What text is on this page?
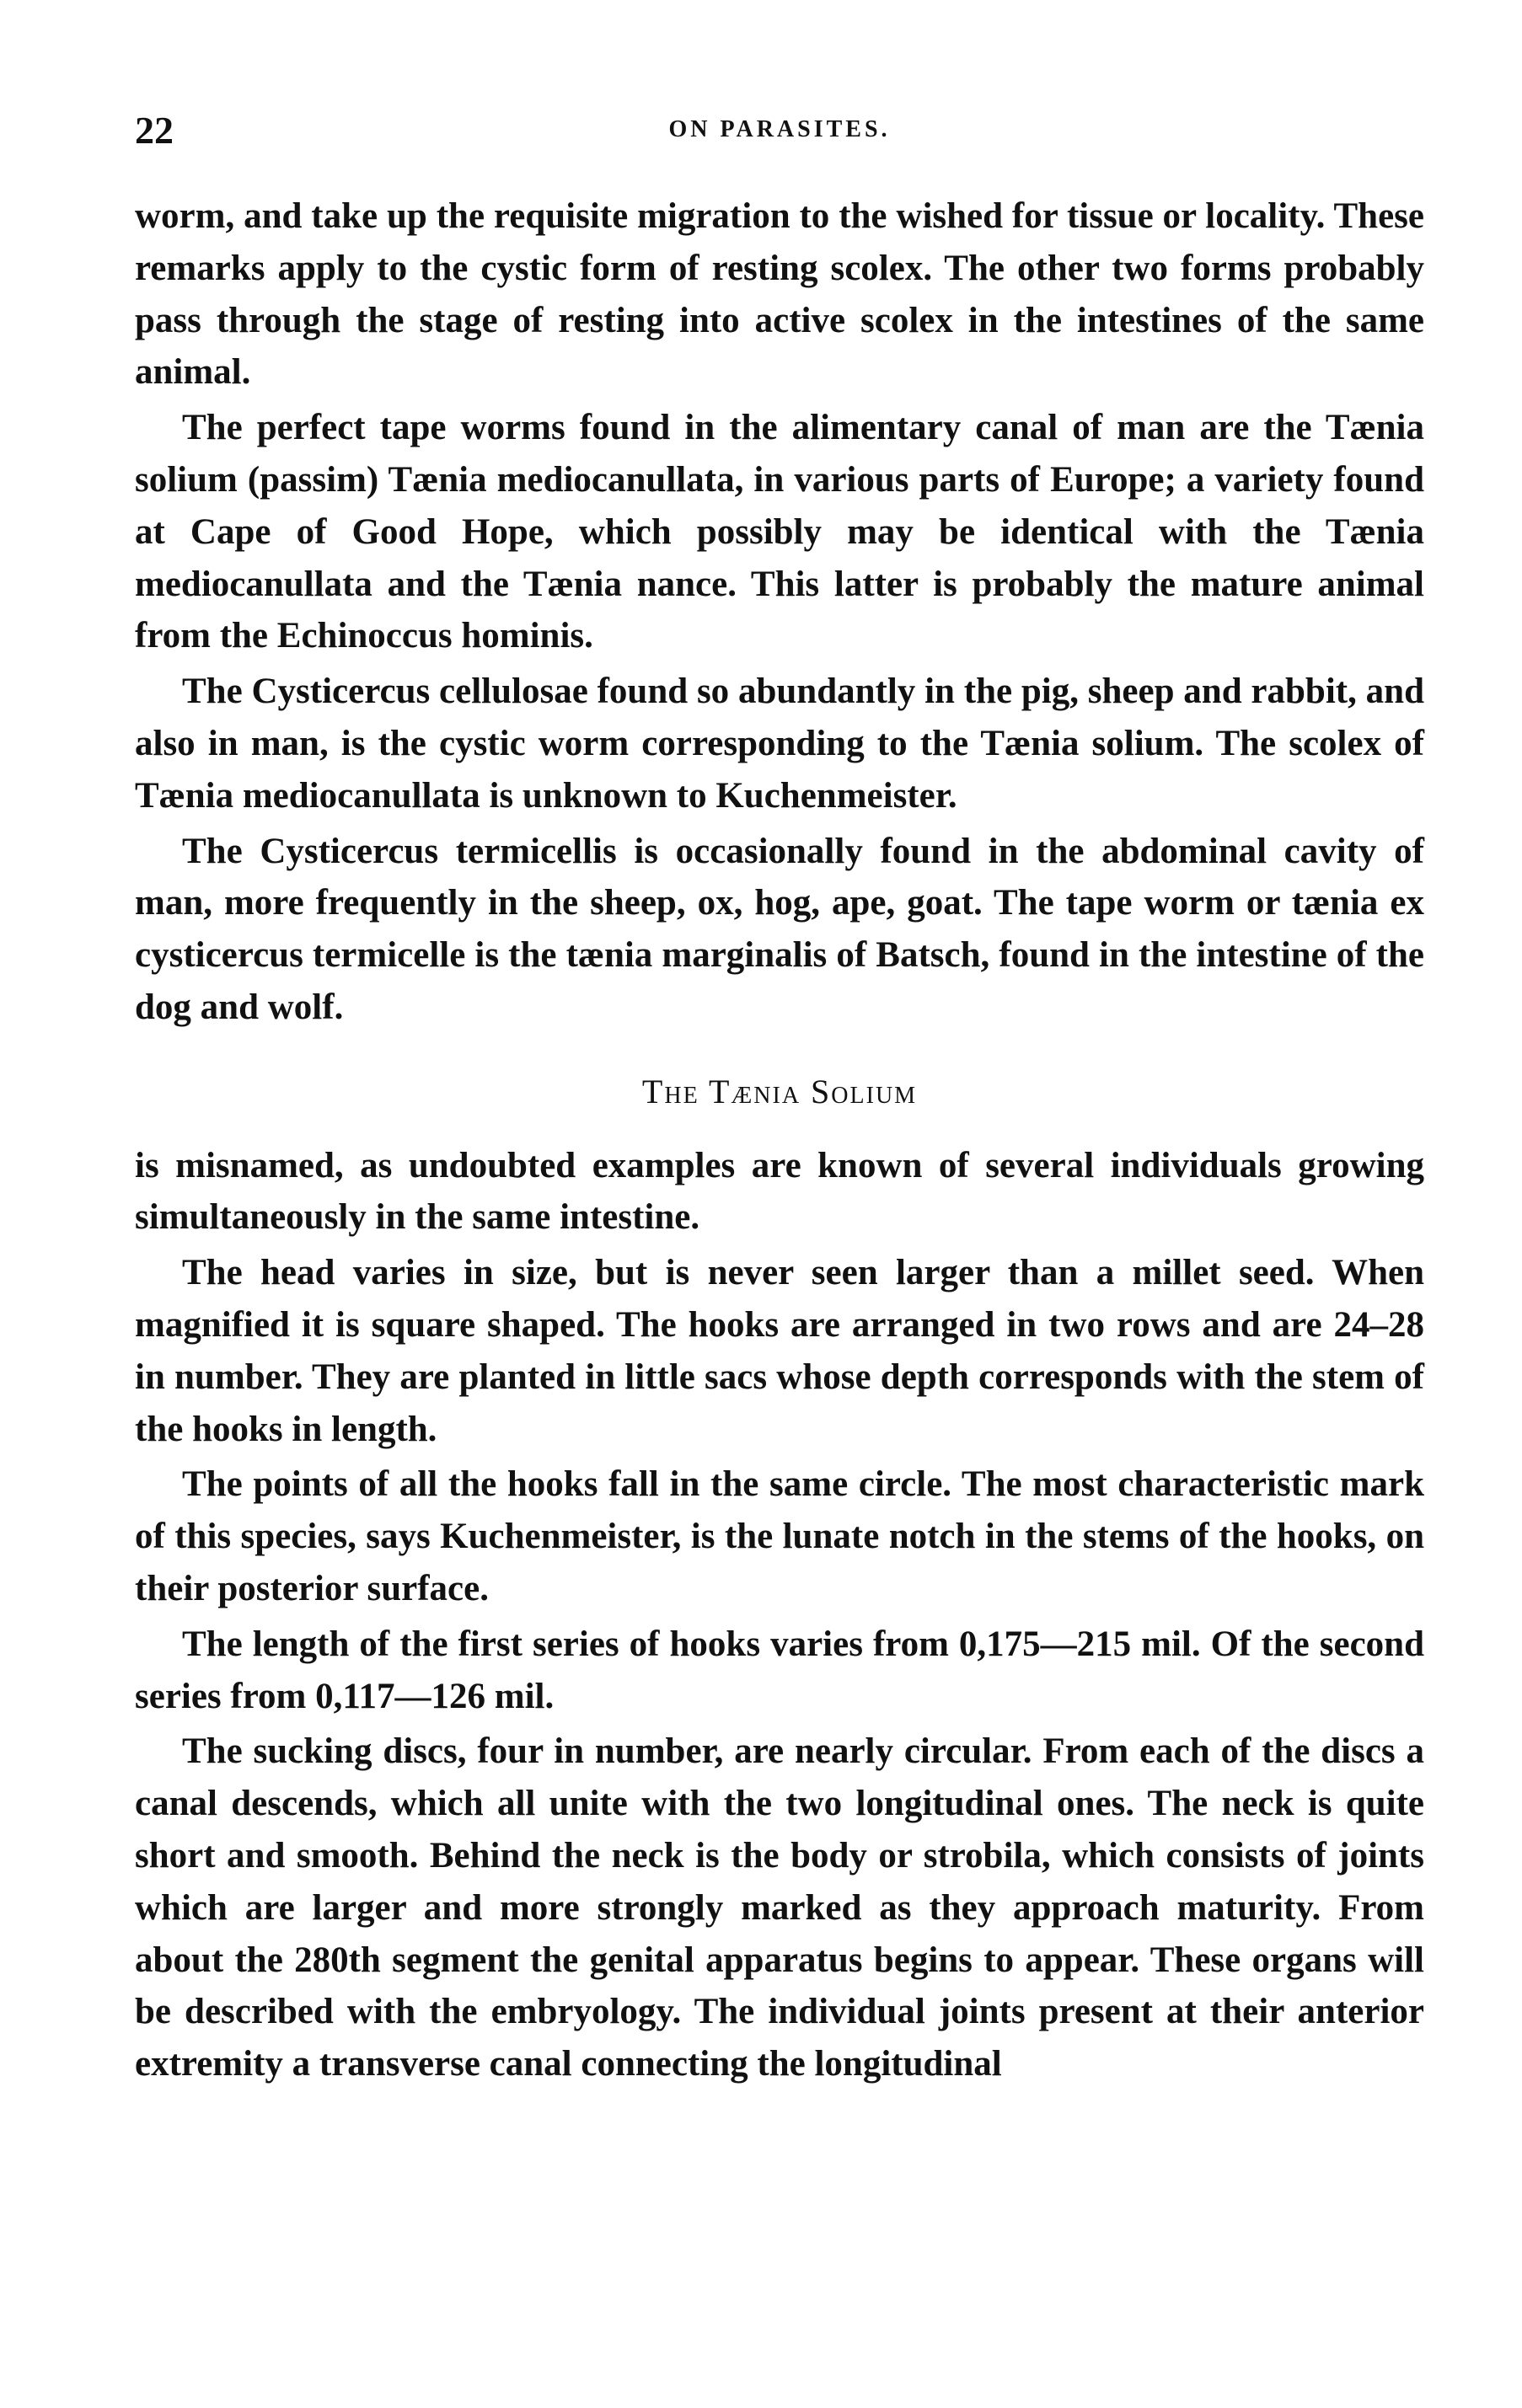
22	ON PARASITES.

worm, and take up the requisite migration to the wished for tissue or locality. These remarks apply to the cystic form of resting scolex. The other two forms probably pass through the stage of resting into active scolex in the intestines of the same animal.

The perfect tape worms found in the alimentary canal of man are the Tænia solium (passim) Tænia mediocanullata, in various parts of Europe; a variety found at Cape of Good Hope, which possibly may be identical with the Tænia mediocanullata and the Tænia nance. This latter is probably the mature animal from the Echinoccus hominis.

The Cysticercus cellulosae found so abundantly in the pig, sheep and rabbit, and also in man, is the cystic worm corresponding to the Tænia solium. The scolex of Tænia mediocanullata is unknown to Kuchenmeister.

The Cysticercus termicellis is occasionally found in the abdominal cavity of man, more frequently in the sheep, ox, hog, ape, goat. The tape worm or tænia ex cysticercus termicelle is the tænia marginalis of Batsch, found in the intestine of the dog and wolf.

The Tænia Solium

is misnamed, as undoubted examples are known of several individuals growing simultaneously in the same intestine.

The head varies in size, but is never seen larger than a millet seed. When magnified it is square shaped. The hooks are arranged in two rows and are 24–28 in number. They are planted in little sacs whose depth corresponds with the stem of the hooks in length.

The points of all the hooks fall in the same circle. The most characteristic mark of this species, says Kuchenmeister, is the lunate notch in the stems of the hooks, on their posterior surface.

The length of the first series of hooks varies from 0,175—215 mil. Of the second series from 0,117—126 mil.

The sucking discs, four in number, are nearly circular. From each of the discs a canal descends, which all unite with the two longitudinal ones. The neck is quite short and smooth. Behind the neck is the body or strobila, which consists of joints which are larger and more strongly marked as they approach maturity. From about the 280th segment the genital apparatus begins to appear. These organs will be described with the embryology. The individual joints present at their anterior extremity a transverse canal connecting the longitudinal
